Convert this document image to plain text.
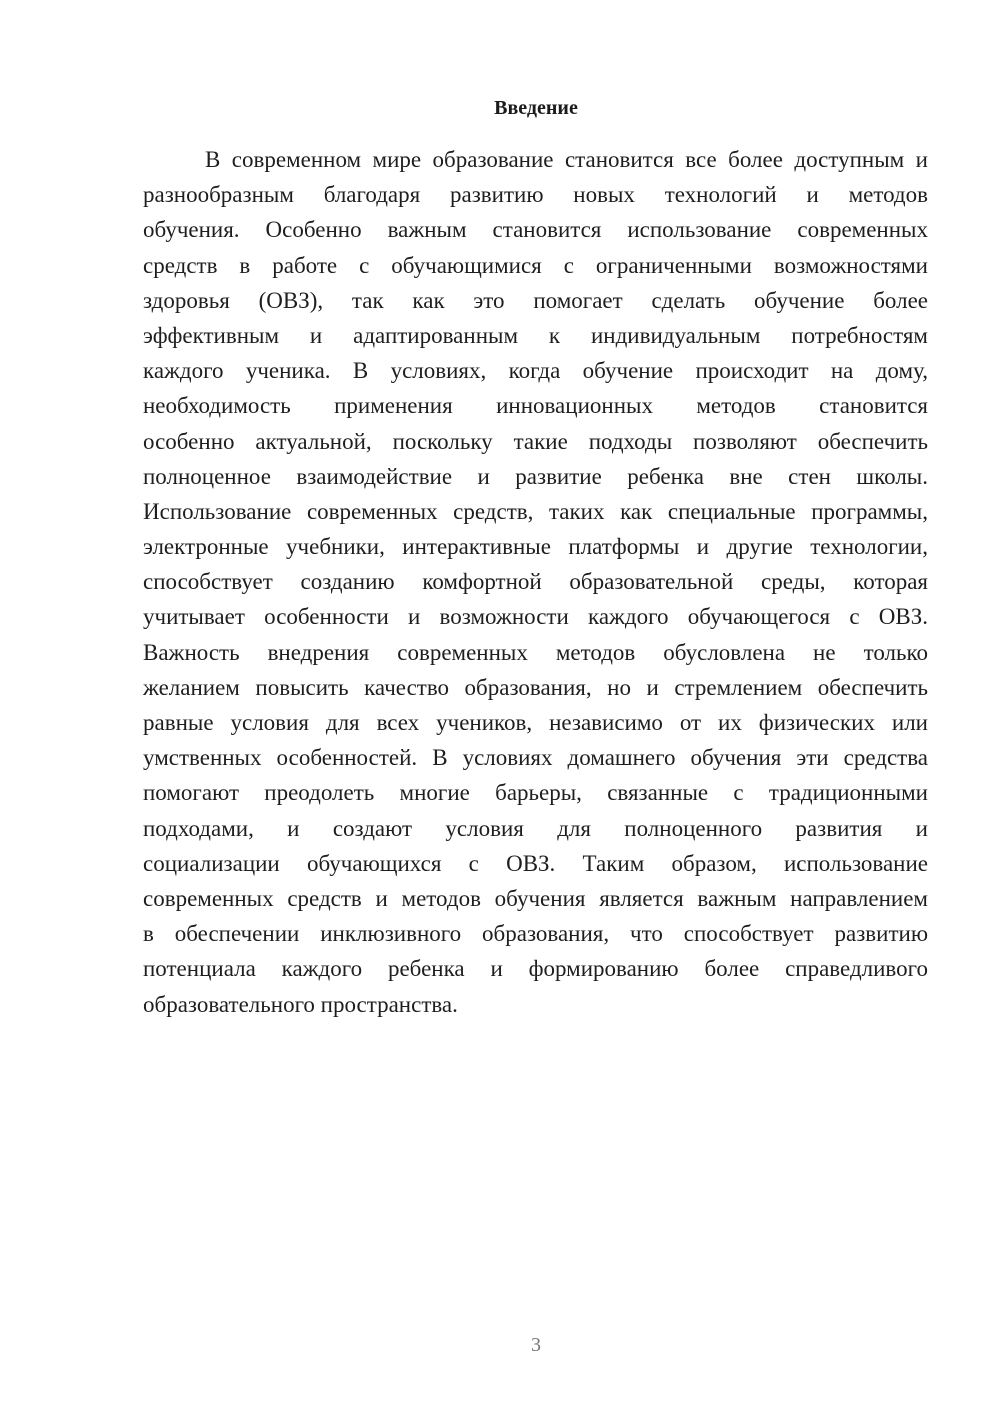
Введение
В современном мире образование становится все более доступным и
разнообразным благодаря развитию новых технологий и методов
обучения. Особенно важным становится использование современных
средств в работе с обучающимися с ограниченными возможностями
здоровья (ОВЗ), так как это помогает сделать обучение более
эффективным и адаптированным к индивидуальным потребностям
каждого ученика. В условиях, когда обучение происходит на дому,
необходимость применения инновационных методов становится
особенно актуальной, поскольку такие подходы позволяют обеспечить
полноценное взаимодействие и развитие ребенка вне стен школы.
Использование современных средств, таких как специальные программы,
электронные учебники, интерактивные платформы и другие технологии,
способствует созданию комфортной образовательной среды, которая
учитывает особенности и возможности каждого обучающегося с ОВЗ.
Важность внедрения современных методов обусловлена не только
желанием повысить качество образования, но и стремлением обеспечить
равные условия для всех учеников, независимо от их физических или
умственных особенностей. В условиях домашнего обучения эти средства
помогают преодолеть многие барьеры, связанные с традиционными
подходами, и создают условия для полноценного развития и
социализации обучающихся с ОВЗ. Таким образом, использование
современных средств и методов обучения является важным направлением
в обеспечении инклюзивного образования, что способствует развитию
потенциала каждого ребенка и формированию более справедливого
образовательного пространства.
3
